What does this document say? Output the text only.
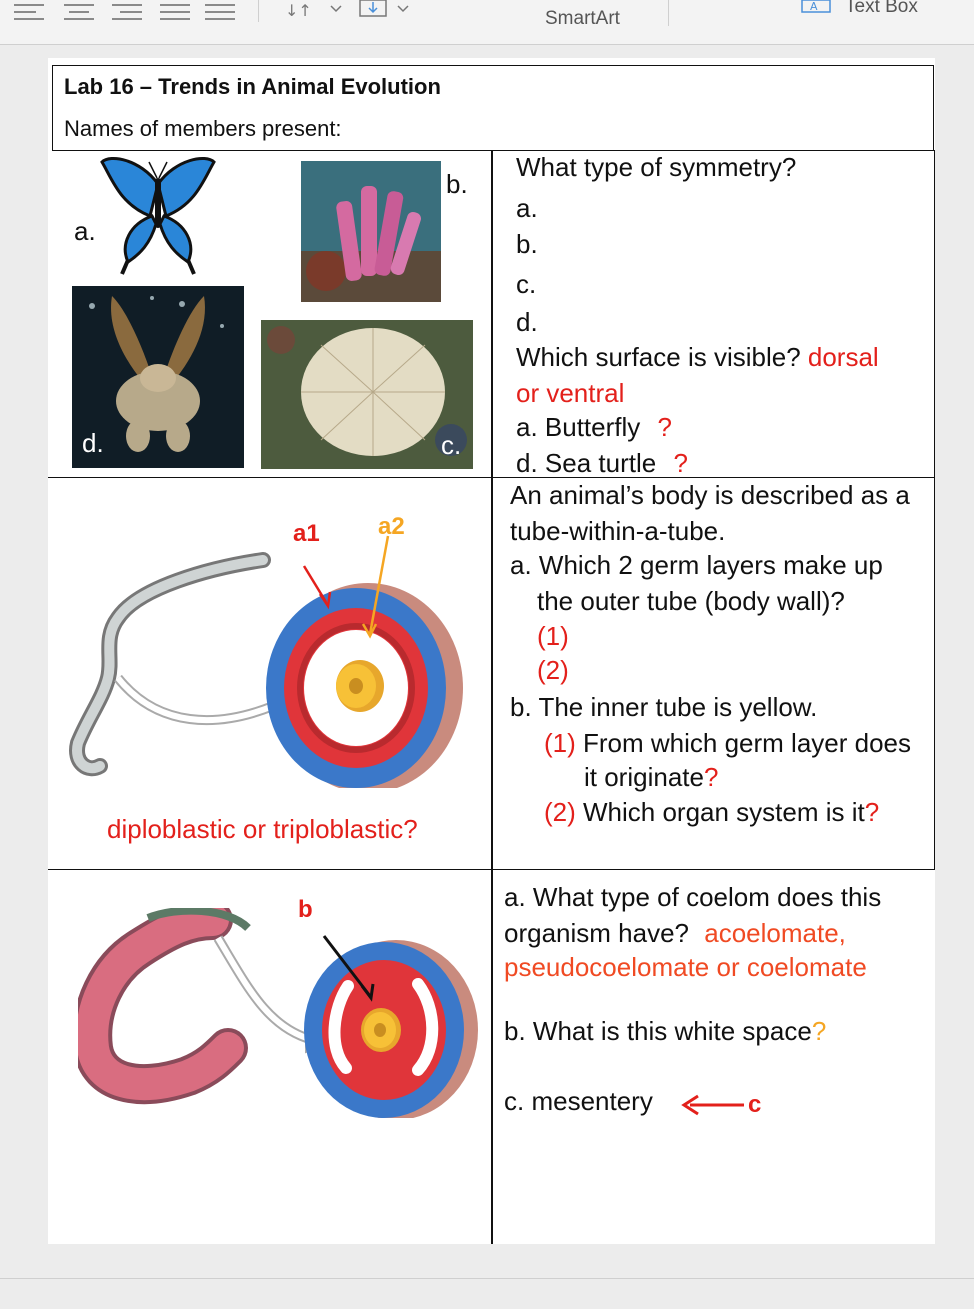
↓↑	SmartArt
A Text Box
Lab 16 – Trends in Animal Evolution
Names of members present:
a.
b.
d.	c.
What type of symmetry?
a.
b.
c.
d.
Which surface is visible? dorsal
or ventral
a. Butterfly ?
d. Sea turtle ?
a1 a2
diploblastic or triploblastic?
An animal’s body is described as a
tube-within-a-tube.
a. Which 2 germ layers make up
the outer tube (body wall)?
(1)
(2)
b. The inner tube is yellow.
(1) From which germ layer does
it originate?
(2) Which organ system is it?
b	a. What type of coelom does this
organism have? acoelomate,
pseudocoelomate or coelomate
b. What is this white space?
c. mesentery	c
